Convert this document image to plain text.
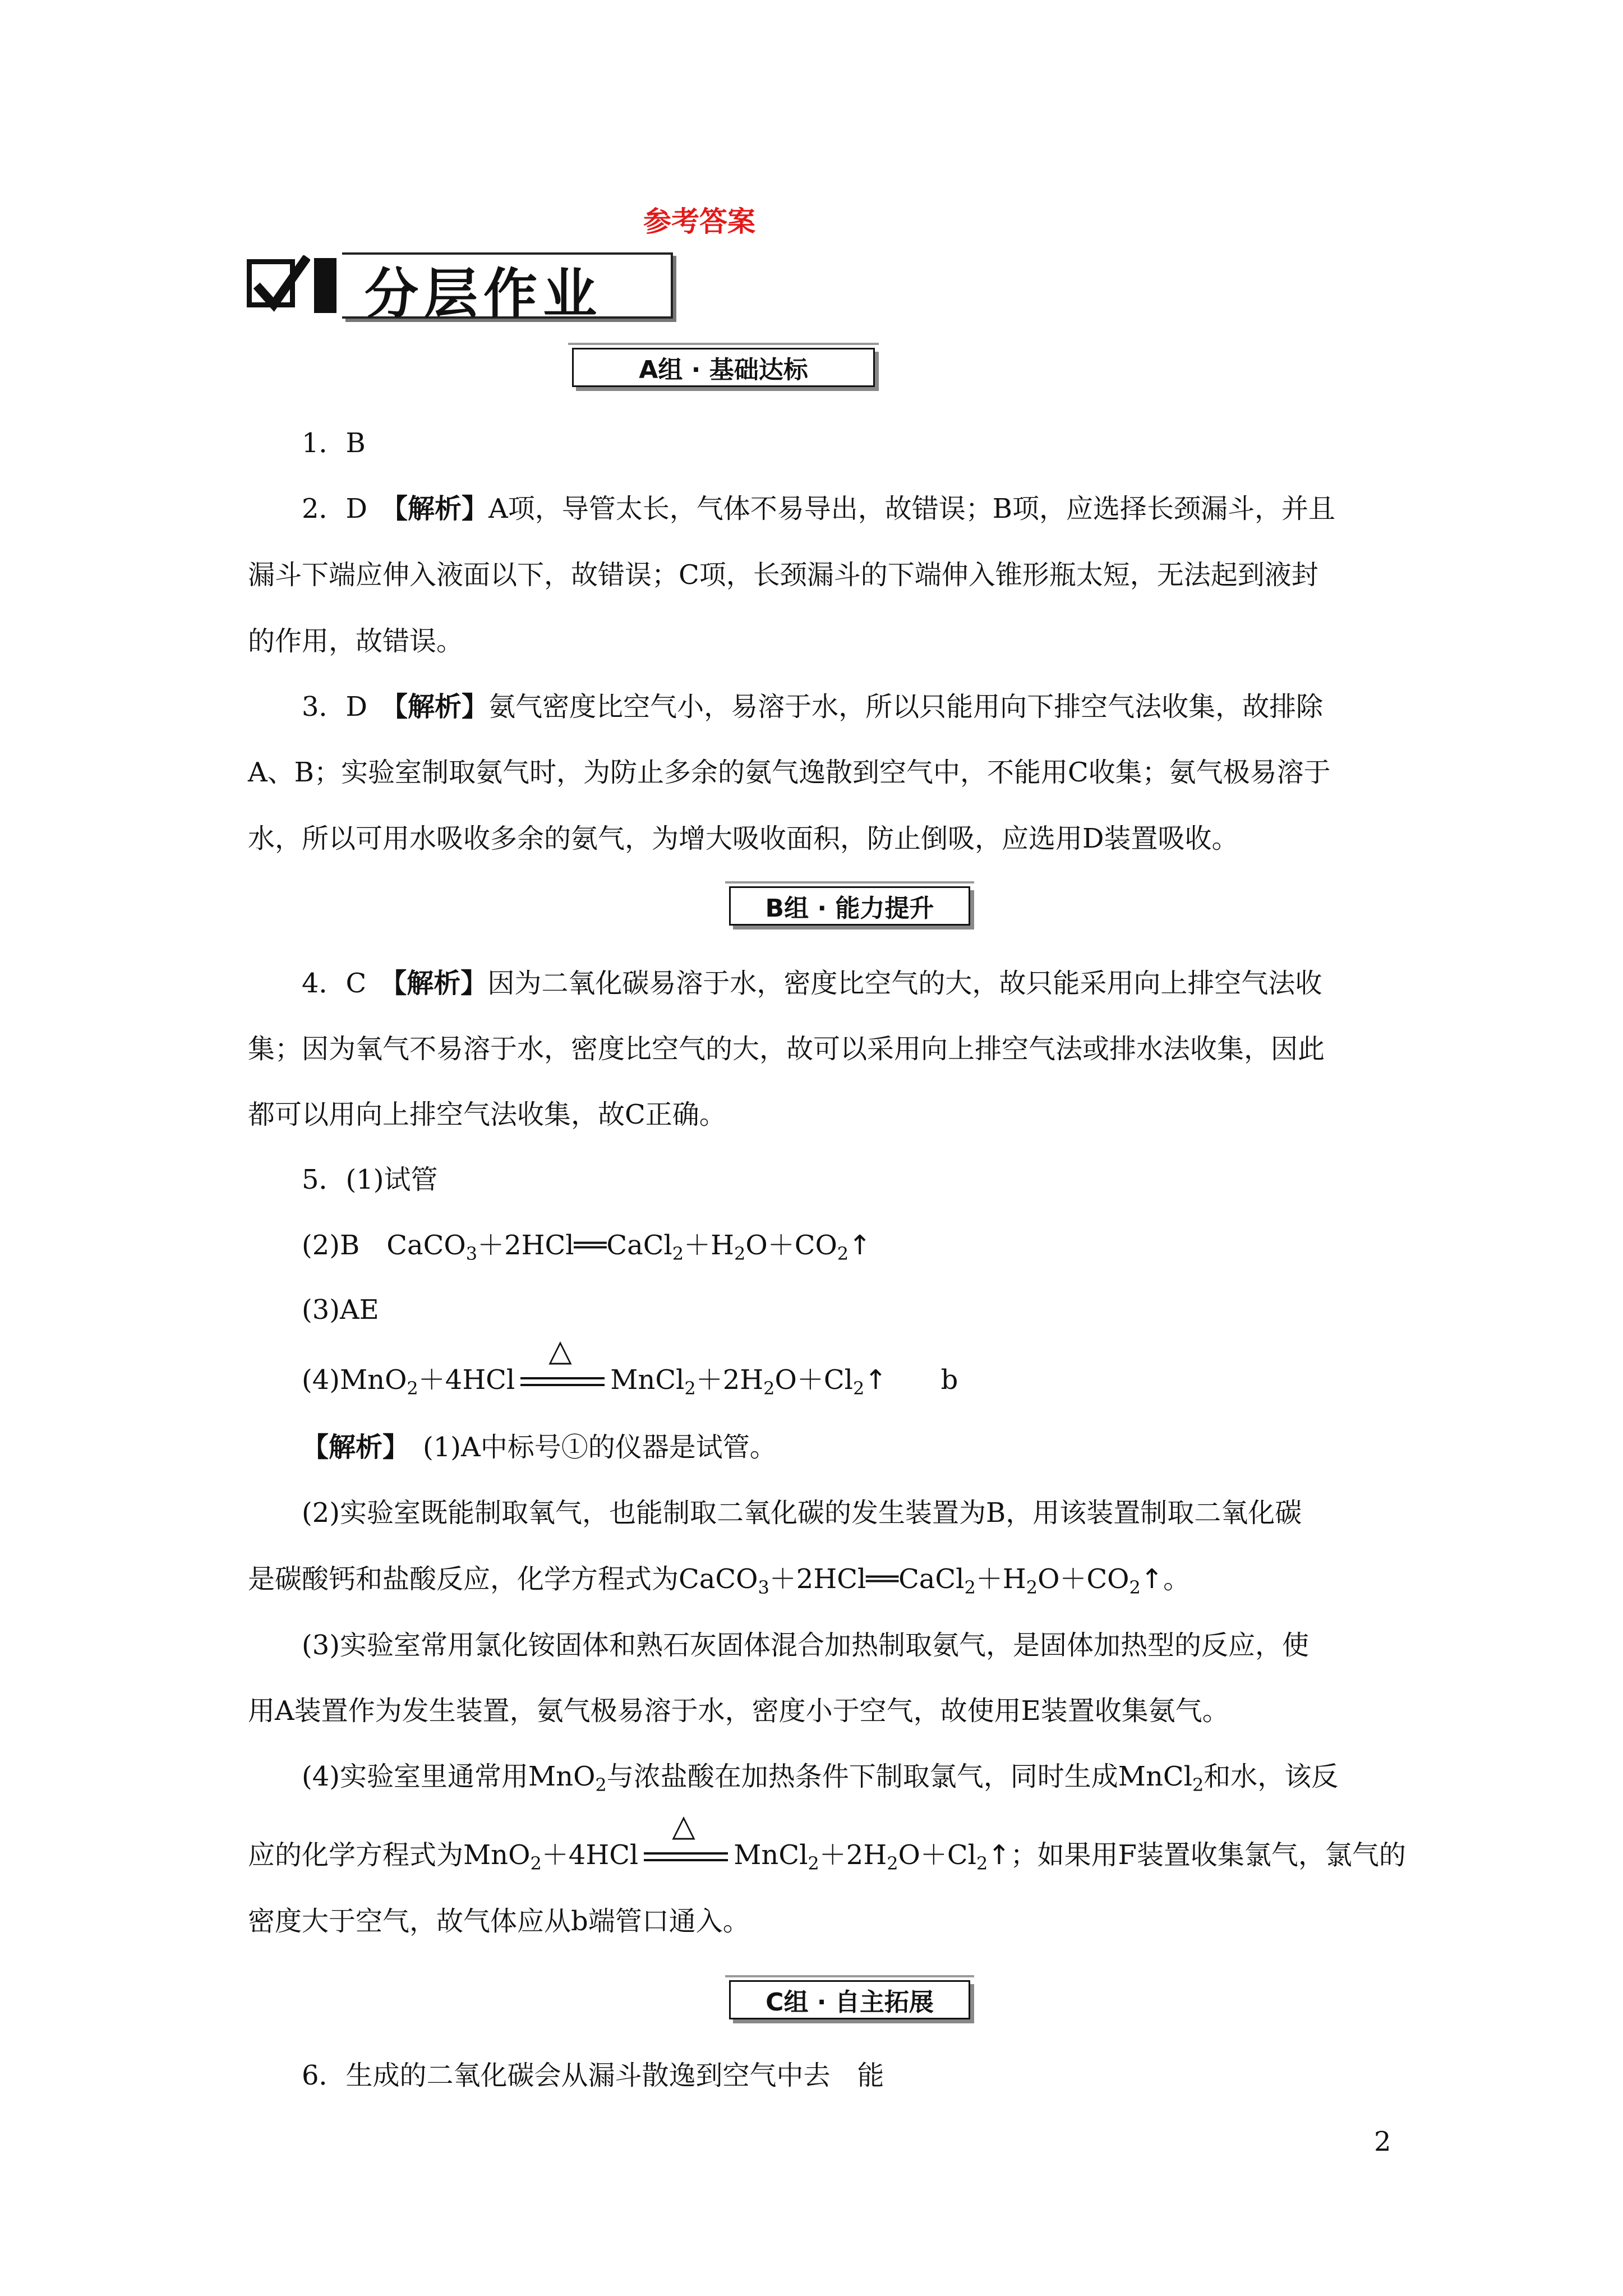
参考答案
分层作业
A组 · 基础达标
1．B
2．D　 【解析】A项，导管太长，气体不易导出，故错误；B项，应选择长颈漏斗，并且
漏斗下端应伸入液面以下，故错误；C项，长颈漏斗的下端伸入锥形瓶太短，无法起到液封
的作用，故错误。
3．D　 【解析】氨气密度比空气小，易溶于水，所以只能用向下排空气法收集，故排除
A、B；实验室制取氨气时，为防止多余的氨气逸散到空气中，不能用C收集；氨气极易溶于
水，所以可用水吸收多余的氨气，为增大吸收面积，防止倒吸，应选用D装置吸收。
B组 · 能力提升
4．C　 【解析】因为二氧化碳易溶于水，密度比空气的大，故只能采用向上排空气法收
集；因为氧气不易溶于水，密度比空气的大，故可以采用向上排空气法或排水法收集，因此
都可以用向上排空气法收集，故C正确。
5．(1)试管
(2)B　 $CaCO_3+2HCl══CaCl_2+H_2O+CO_2↑$
(3)AE
(4)MnO$_2$＋4HCl
△
$MnCl_2+2H_2O+Cl_2↑$　　 b
【解析】　 (1)A中标号①的仪器是试管。
(2)实验室既能制取氧气，也能制取二氧化碳的发生装置为B，用该装置制取二氧化碳
是碳酸钙和盐酸反应，化学方程式为$CaCO_3+2HCl══CaCl_2+H_2O+CO_2↑$。
(3)实验室常用氯化铵固体和熟石灰固体混合加热制取氨气，是固体加热型的反应，使
用A装置作为发生装置，氨气极易溶于水，密度小于空气，故使用E装置收集氨气。
(4)实验室里通常用MnO$_2$与浓盐酸在加热条件下制取氯气，同时生成MnCl$_2$和水，该反
应的化学方程式为MnO$_2$＋4HCl
△
$MnCl_2+2H_2O+Cl_2↑$；如果用F装置收集氯气，氯气的
密度大于空气，故气体应从b端管口通入。
C组 · 自主拓展
6．生成的二氧化碳会从漏斗散逸到空气中去　能
2
